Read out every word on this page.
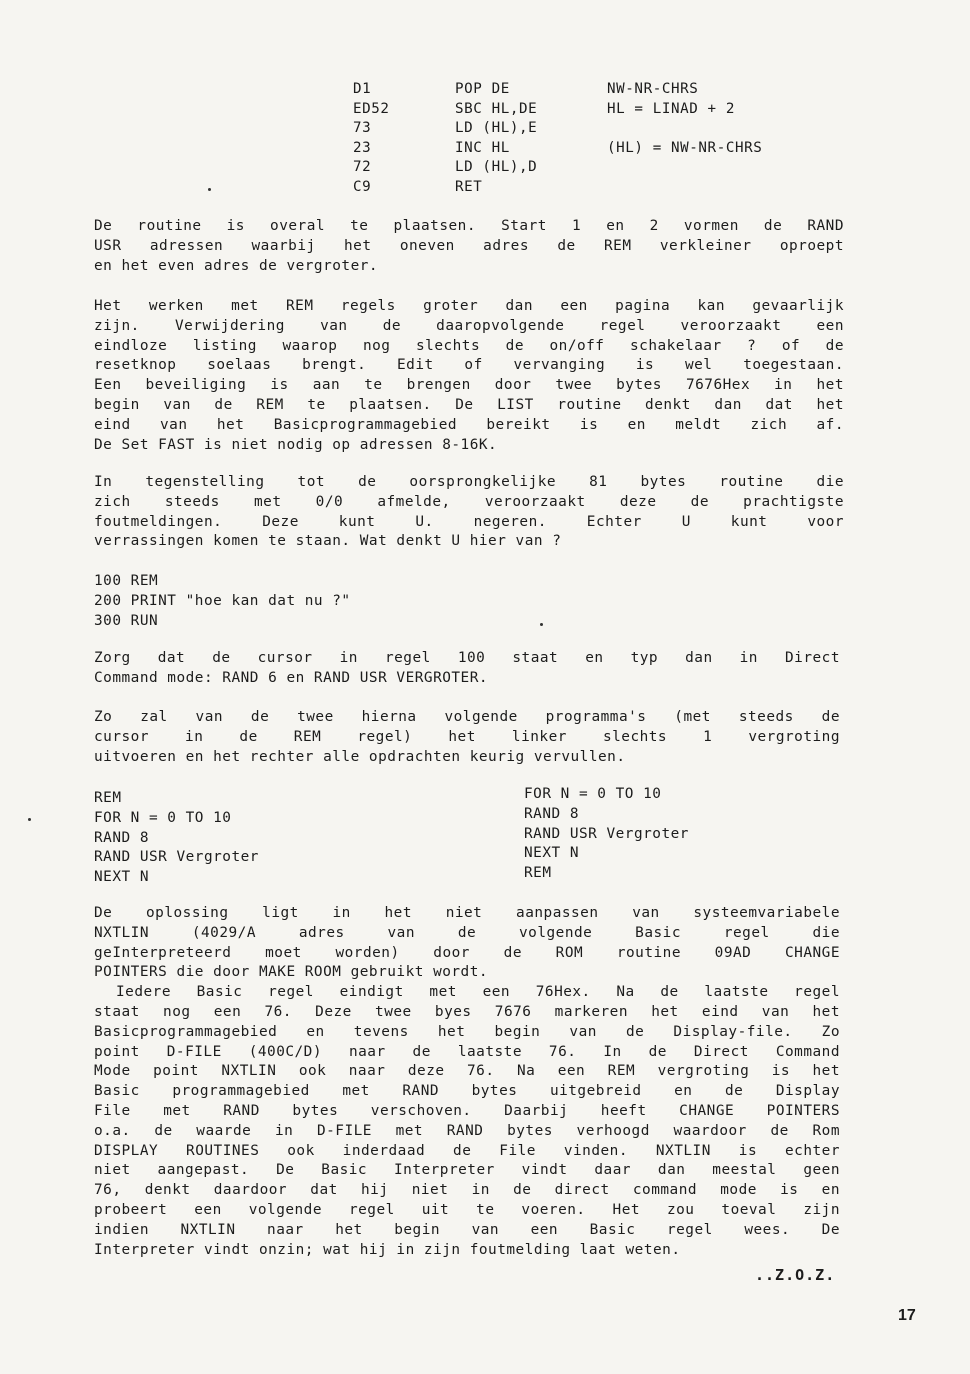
D1	POP DE	NW-NR-CHRS
ED52	SBC HL,DE	HL = LINAD + 2
73	LD (HL),E
23	INC HL	(HL) = NW-NR-CHRS
72	LD (HL),D
C9	RET
De routine is overal te plaatsen. Start 1 en 2 vormen de RAND
USR adressen waarbij het oneven adres de REM verkleiner oproept
en het even adres de vergroter.
Het werken met REM regels groter dan een pagina kan gevaarlijk
zijn. Verwijdering van de daaropvolgende regel veroorzaakt een
eindloze listing waarop nog slechts de on/off schakelaar ? of de
resetknop soelaas brengt. Edit of vervanging is wel toegestaan.
Een beveiliging is aan te brengen door twee bytes 7676Hex in het
begin van de REM te plaatsen. De LIST routine denkt dan dat het
eind van het Basicprogrammagebied bereikt is en meldt zich af.
De Set FAST is niet nodig op adressen 8-16K.
In tegenstelling tot de oorsprongkelijke 81 bytes routine die
zich steeds met 0/0 afmelde, veroorzaakt deze de prachtigste
foutmeldingen. Deze kunt U. negeren. Echter U kunt voor
verrassingen komen te staan. Wat denkt U hier van ?
100 REM
200 PRINT "hoe kan dat nu ?"
300 RUN
Zorg dat de cursor in regel 100 staat en typ dan in Direct
Command mode: RAND 6 en RAND USR VERGROTER.
Zo zal van de twee hierna volgende programma's (met steeds de
cursor in de REM regel) het linker slechts 1 vergroting
uitvoeren en het rechter alle opdrachten keurig vervullen.
REM
FOR N = 0 TO 10
RAND 8
RAND USR Vergroter
NEXT N
FOR N = 0 TO 10
RAND 8
RAND USR Vergroter
NEXT N
REM
De oplossing ligt in het niet aanpassen van systeemvariabele
NXTLIN (4029/A adres van de volgende Basic regel die
geInterpreteerd moet worden) door de ROM routine 09AD CHANGE
POINTERS die door MAKE ROOM gebruikt wordt.
Iedere Basic regel eindigt met een 76Hex. Na de laatste regel
staat nog een 76. Deze twee byes 7676 markeren het eind van het
Basicprogrammagebied en tevens het begin van de Display-file. Zo
point D-FILE (400C/D) naar de laatste 76. In de Direct Command
Mode point NXTLIN ook naar deze 76. Na een REM vergroting is het
Basic programmagebied met RAND bytes uitgebreid en de Display
File met RAND bytes verschoven. Daarbij heeft CHANGE POINTERS
o.a. de waarde in D-FILE met RAND bytes verhoogd waardoor de Rom
DISPLAY ROUTINES ook inderdaad de File vinden. NXTLIN is echter
niet aangepast. De Basic Interpreter vindt daar dan meestal geen
76, denkt daardoor dat hij niet in de direct command mode is en
probeert een volgende regel uit te voeren. Het zou toeval zijn
indien NXTLIN naar het begin van een Basic regel wees. De
Interpreter vindt onzin; wat hij in zijn foutmelding laat weten.
..Z.O.Z.
17
